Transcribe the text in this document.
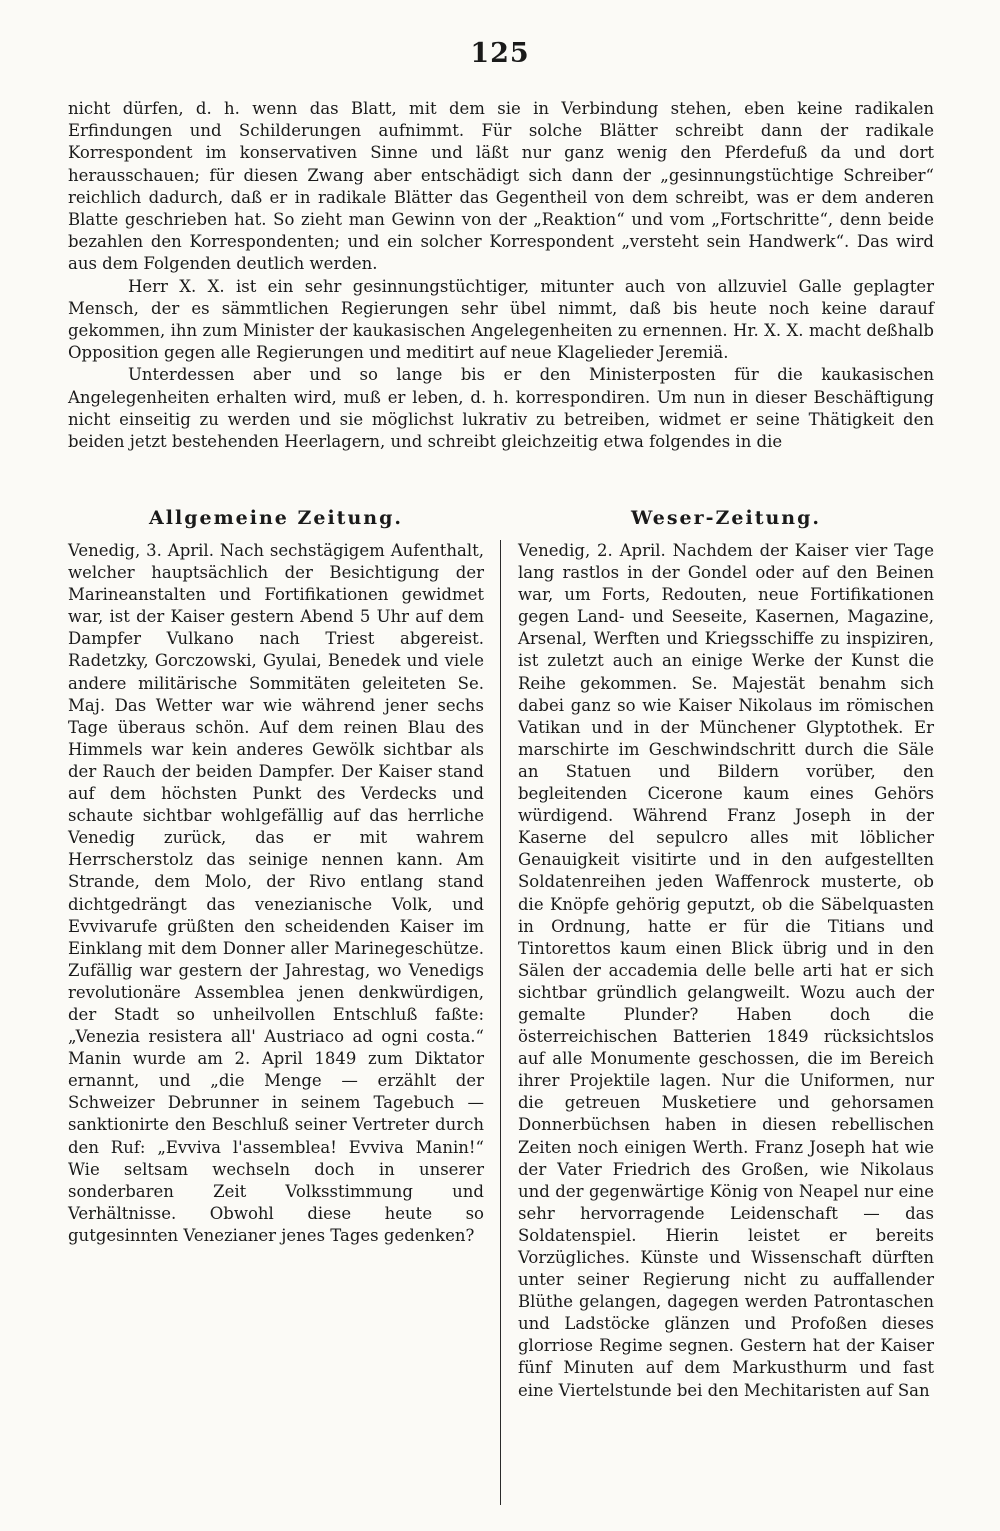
125

nicht dürfen, d. h. wenn das Blatt, mit dem sie in Verbindung stehen, eben keine radikalen Erfindungen und Schilderungen aufnimmt. Für solche Blätter schreibt dann der radikale Korrespondent im konservativen Sinne und läßt nur ganz wenig den Pferdefuß da und dort herausschauen; für diesen Zwang aber entschädigt sich dann der „gesinnungstüchtige Schreiber“ reichlich dadurch, daß er in radikale Blätter das Gegentheil von dem schreibt, was er dem anderen Blatte geschrieben hat. So zieht man Gewinn von der „Reaktion“ und vom „Fortschritte“, denn beide bezahlen den Korrespondenten; und ein solcher Korrespondent „versteht sein Handwerk“. Das wird aus dem Folgenden deutlich werden.

Herr X. X. ist ein sehr gesinnungstüchtiger, mitunter auch von allzuviel Galle geplagter Mensch, der es sämmtlichen Regierungen sehr übel nimmt, daß bis heute noch keine darauf gekommen, ihn zum Minister der kaukasischen Angelegenheiten zu ernennen. Hr. X. X. macht deßhalb Opposition gegen alle Regierungen und meditirt auf neue Klagelieder Jeremiä.

Unterdessen aber und so lange bis er den Ministerposten für die kaukasischen Angelegenheiten erhalten wird, muß er leben, d. h. korrespondiren. Um nun in dieser Beschäftigung nicht einseitig zu werden und sie möglichst lukrativ zu betreiben, widmet er seine Thätigkeit den beiden jetzt bestehenden Heerlagern, und schreibt gleichzeitig etwa folgendes in die

Allgemeine Zeitung.

Venedig, 3. April. Nach sechstägigem Aufenthalt, welcher hauptsächlich der Besichtigung der Marineanstalten und Fortifikationen gewidmet war, ist der Kaiser gestern Abend 5 Uhr auf dem Dampfer Vulkano nach Triest abgereist. Radetzky, Gorczowski, Gyulai, Benedek und viele andere militärische Sommitäten geleiteten Se. Maj. Das Wetter war wie während jener sechs Tage überaus schön. Auf dem reinen Blau des Himmels war kein anderes Gewölk sichtbar als der Rauch der beiden Dampfer. Der Kaiser stand auf dem höchsten Punkt des Verdecks und schaute sichtbar wohlgefällig auf das herrliche Venedig zurück, das er mit wahrem Herrscherstolz das seinige nennen kann. Am Strande, dem Molo, der Rivo entlang stand dichtgedrängt das venezianische Volk, und Evvivarufe grüßten den scheidenden Kaiser im Einklang mit dem Donner aller Marinegeschütze. Zufällig war gestern der Jahrestag, wo Venedigs revolutionäre Assemblea jenen denkwürdigen, der Stadt so unheilvollen Entschluß faßte: „Venezia resistera all' Austriaco ad ogni costa.“ Manin wurde am 2. April 1849 zum Diktator ernannt, und „die Menge — erzählt der Schweizer Debrunner in seinem Tagebuch — sanktionirte den Beschluß seiner Vertreter durch den Ruf: „Evviva l'assemblea! Evviva Manin!“ Wie seltsam wechseln doch in unserer sonderbaren Zeit Volksstimmung und Verhältnisse. Obwohl diese heute so gutgesinnten Venezianer jenes Tages gedenken?

Weser-Zeitung.

Venedig, 2. April. Nachdem der Kaiser vier Tage lang rastlos in der Gondel oder auf den Beinen war, um Forts, Redouten, neue Fortifikationen gegen Land- und Seeseite, Kasernen, Magazine, Arsenal, Werften und Kriegsschiffe zu inspiziren, ist zuletzt auch an einige Werke der Kunst die Reihe gekommen. Se. Majestät benahm sich dabei ganz so wie Kaiser Nikolaus im römischen Vatikan und in der Münchener Glyptothek. Er marschirte im Geschwindschritt durch die Säle an Statuen und Bildern vorüber, den begleitenden Cicerone kaum eines Gehörs würdigend. Während Franz Joseph in der Kaserne del sepulcro alles mit löblicher Genauigkeit visitirte und in den aufgestellten Soldatenreihen jeden Waffenrock musterte, ob die Knöpfe gehörig geputzt, ob die Säbelquasten in Ordnung, hatte er für die Titians und Tintorettos kaum einen Blick übrig und in den Sälen der accademia delle belle arti hat er sich sichtbar gründlich gelangweilt. Wozu auch der gemalte Plunder? Haben doch die österreichischen Batterien 1849 rücksichtslos auf alle Monumente geschossen, die im Bereich ihrer Projektile lagen. Nur die Uniformen, nur die getreuen Musketiere und gehorsamen Donnerbüchsen haben in diesen rebellischen Zeiten noch einigen Werth. Franz Joseph hat wie der Vater Friedrich des Großen, wie Nikolaus und der gegenwärtige König von Neapel nur eine sehr hervorragende Leidenschaft — das Soldatenspiel. Hierin leistet er bereits Vorzügliches. Künste und Wissenschaft dürften unter seiner Regierung nicht zu auffallender Blüthe gelangen, dagegen werden Patrontaschen und Ladstöcke glänzen und Profoßen dieses glorriose Regime segnen. Gestern hat der Kaiser fünf Minuten auf dem Markusthurm und fast eine Viertelstunde bei den Mechitaristen auf San
